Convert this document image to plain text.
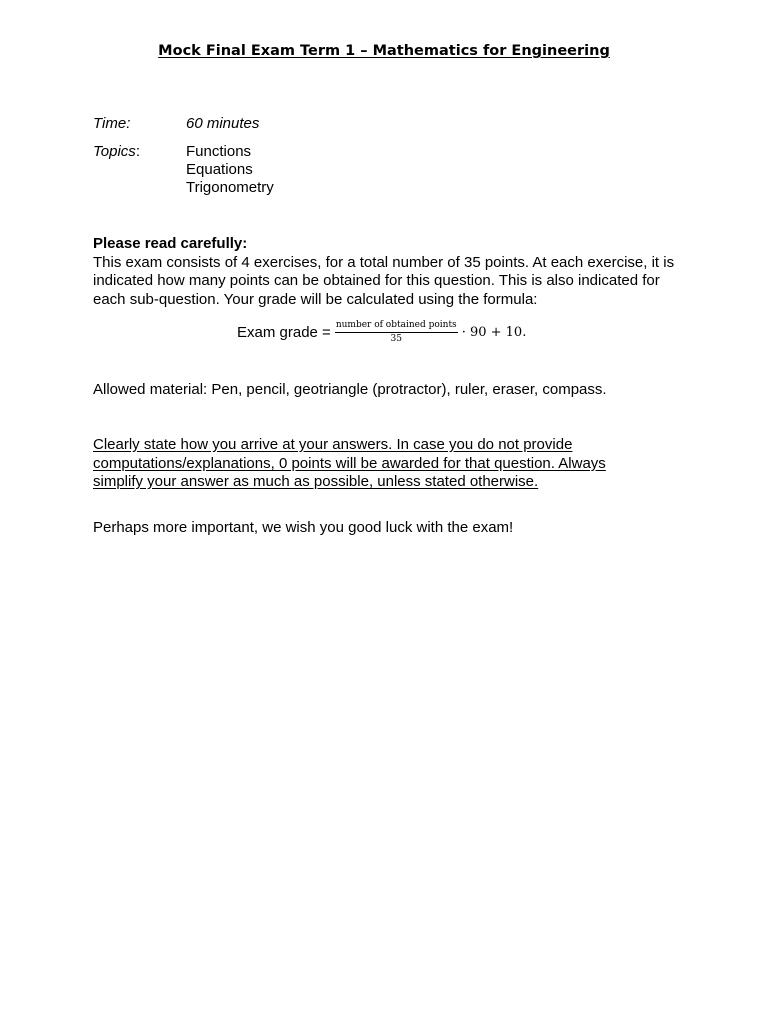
Mock Final Exam Term 1 – Mathematics for Engineering
Time:	60 minutes
Topics:	Functions
Equations
Trigonometry
Please read carefully:
This exam consists of 4 exercises, for a total number of 35 points. At each exercise, it is indicated how many points can be obtained for this question. This is also indicated for each sub-question. Your grade will be calculated using the formula:
Exam grade = $\frac{\text{number of obtained points}}{35} \cdot 90 + 10$.
Allowed material: Pen, pencil, geotriangle (protractor), ruler, eraser, compass.
Clearly state how you arrive at your answers. In case you do not provide computations/explanations, 0 points will be awarded for that question. Always simplify your answer as much as possible, unless stated otherwise.
Perhaps more important, we wish you good luck with the exam!
